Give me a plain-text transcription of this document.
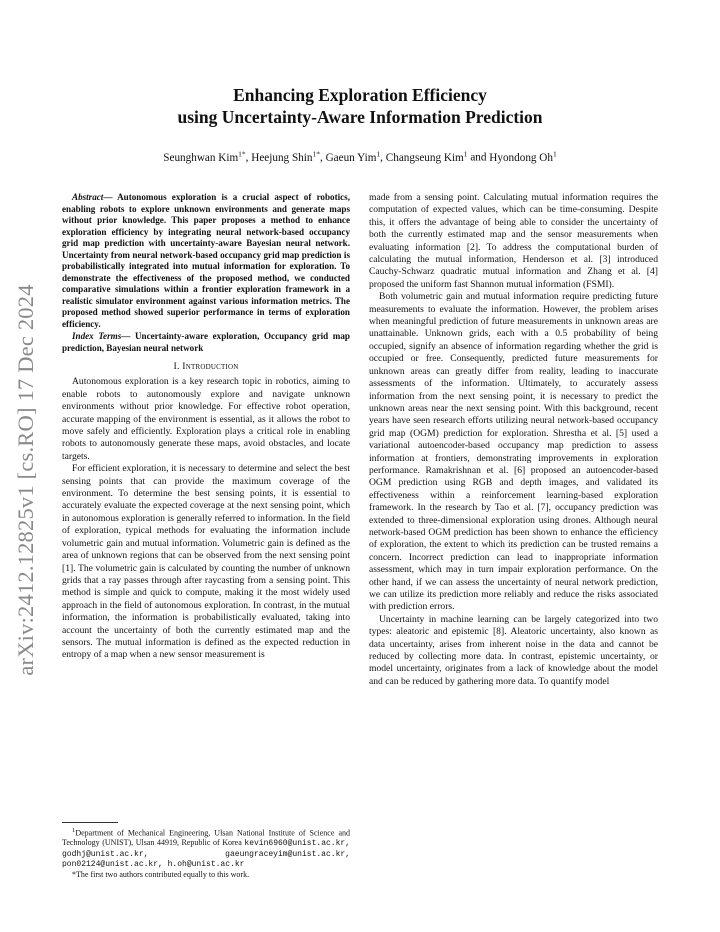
arXiv:2412.12825v1 [cs.RO] 17 Dec 2024
Enhancing Exploration Efficiency
using Uncertainty-Aware Information Prediction
Seunghwan Kim$^{1*}$, Heejung Shin$^{1*}$, Gaeun Yim$^1$, Changseung Kim$^1$ and Hyondong Oh$^1$

Abstract— Autonomous exploration is a crucial aspect of robotics, enabling robots to explore unknown environments and generate maps without prior knowledge. This paper proposes a method to enhance exploration efficiency by integrating neural network-based occupancy grid map prediction with uncertainty-aware Bayesian neural network. Uncertainty from neural network-based occupancy grid map prediction is probabilistically integrated into mutual information for exploration. To demonstrate the effectiveness of the proposed method, we conducted comparative simulations within a frontier exploration framework in a realistic simulator environment against various information metrics. The proposed method showed superior performance in terms of exploration efficiency.

Index Terms— Uncertainty-aware exploration, Occupancy grid map prediction, Bayesian neural network

I. Introduction

Autonomous exploration is a key research topic in robotics, aiming to enable robots to autonomously explore and navigate unknown environments without prior knowledge. For effective robot operation, accurate mapping of the environment is essential, as it allows the robot to move safely and efficiently. Exploration plays a critical role in enabling robots to autonomously generate these maps, avoid obstacles, and locate targets.

For efficient exploration, it is necessary to determine and select the best sensing points that can provide the maximum coverage of the environment. To determine the best sensing points, it is essential to accurately evaluate the expected coverage at the next sensing point, which in autonomous exploration is generally referred to information. In the field of exploration, typical methods for evaluating the information include volumetric gain and mutual information. Volumetric gain is defined as the area of unknown regions that can be observed from the next sensing point [1]. The volumetric gain is calculated by counting the number of unknown grids that a ray passes through after raycasting from a sensing point. This method is simple and quick to compute, making it the most widely used approach in the field of autonomous exploration. In contrast, in the mutual information, the information is probabilistically evaluated, taking into account the uncertainty of both the currently estimated map and the sensors. The mutual information is defined as the expected reduction in entropy of a map when a new sensor measurement is

made from a sensing point. Calculating mutual information requires the computation of expected values, which can be time-consuming. Despite this, it offers the advantage of being able to consider the uncertainty of both the currently estimated map and the sensor measurements when evaluating information [2]. To address the computational burden of calculating the mutual information, Henderson et al. [3] introduced Cauchy-Schwarz quadratic mutual information and Zhang et al. [4] proposed the uniform fast Shannon mutual information (FSMI).

Both volumetric gain and mutual information require predicting future measurements to evaluate the information. However, the problem arises when meaningful prediction of future measurements in unknown areas are unattainable. Unknown grids, each with a 0.5 probability of being occupied, signify an absence of information regarding whether the grid is occupied or free. Consequently, predicted future measurements for unknown areas can greatly differ from reality, leading to inaccurate assessments of the information. Ultimately, to accurately assess information from the next sensing point, it is necessary to predict the unknown areas near the next sensing point. With this background, recent years have seen research efforts utilizing neural network-based occupancy grid map (OGM) prediction for exploration. Shrestha et al. [5] used a variational autoencoder-based occupancy map prediction to assess information at frontiers, demonstrating improvements in exploration performance. Ramakrishnan et al. [6] proposed an autoencoder-based OGM prediction using RGB and depth images, and validated its effectiveness within a reinforcement learning-based exploration framework. In the research by Tao et al. [7], occupancy prediction was extended to three-dimensional exploration using drones. Although neural network-based OGM prediction has been shown to enhance the efficiency of exploration, the extent to which its prediction can be trusted remains a concern. Incorrect prediction can lead to inappropriate information assessment, which may in turn impair exploration performance. On the other hand, if we can assess the uncertainty of neural network prediction, we can utilize its prediction more reliably and reduce the risks associated with prediction errors.

Uncertainty in machine learning can be largely categorized into two types: aleatoric and epistemic [8]. Aleatoric uncertainty, also known as data uncertainty, arises from inherent noise in the data and cannot be reduced by collecting more data. In contrast, epistemic uncertainty, or model uncertainty, originates from a lack of knowledge about the model and can be reduced by gathering more data. To quantify model

$^1$Department of Mechanical Engineering, Ulsan National Institute of Science and Technology (UNIST), Ulsan 44919, Republic of Korea kevin6960@unist.ac.kr, godhj@unist.ac.kr, gaeungraceyim@unist.ac.kr, pon02124@unist.ac.kr, h.oh@unist.ac.kr

*The first two authors contributed equally to this work.
